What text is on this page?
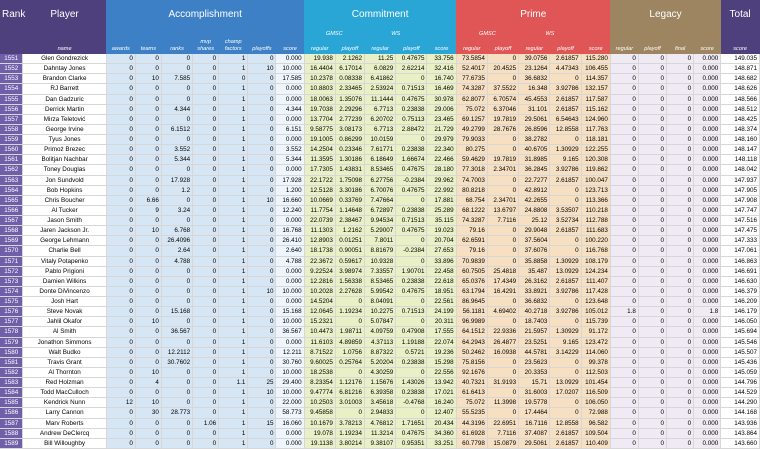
Rank	Player	Accomplishment							Commitment					Prime					Legacy				Total
									GMSC		WS			GMSC		WS							
	name	awards	teams	ranks	mvp shares	champ factors	playoffs	score	regular	playoff	regular	playoff	score	regular	playoff	regular	playoff	score	regular	playoff	final	score	score
1551	Glen Gondrezick	0	0	0	0	1	0	0.000	19.938	2.1262	11.25	0.47675	33.756	73.5854	0	39.0756	2.61857	115.280	0	0	0	0.000	149.035
1552	Dahntay Jones	0	0	0	0	1	10	10.000	16.4404	6.17014	6.0829	2.62214	32.416	52.4017	20.4525	23.1264	4.47343	106.455	0	0	0	0.000	148.871
1553	Brandon Clarke	0	10	7.585	0	0	0	17.585	10.2378	0.08338	6.41862	0	16.740	77.6735	0	36.6832	0	114.357	0	0	0	0.000	148.682
1554	RJ Barrett	0	0	0	0	1	0	0.000	10.8803	2.33465	2.53924	0.71513	16.469	74.3287	37.5522	16.348	3.92786	132.157	0	0	0	0.000	148.626
1555	Dan Gadzuric	0	0	0	0	1	0	0.000	18.0063	1.35076	11.1444	0.47675	30.978	62.8077	6.70574	45.4553	2.61857	117.587	0	0	0	0.000	148.566
1556	Derrick Martin	0	0	4.344	0	1	0	4.344	19.7038	2.29296	6.7713	0.23838	29.006	75.072	6.37046	31.101	2.61857	115.162	0	0	0	0.000	148.512
1557	Mirza Teletović	0	0	0	0	1	0	0.000	13.7704	2.77239	6.20702	0.75113	23.465	69.1257	19.7819	29.5061	6.54643	124.960	0	0	0	0.000	148.425
1558	George Irvine	0	0	6.1512	0	1	0	6.151	9.58775	3.08173	6.7713	2.88472	21.729	49.2799	28.7676	26.8596	12.8558	117.763	0	0	0	0.000	148.374
1559	Tyus Jones	0	0	0	0	1	0	0.000	19.1005	0.86299	10.0159	0	29.979	79.9033	0	38.2782	0	118.181	0	0	0	0.000	148.160
1560	Primoż Brezec	0	0	3.552	0	1	0	3.552	14.2504	0.23346	7.61771	0.23838	22.340	80.275	0	40.6705	1.30929	122.255	0	0	0	0.000	148.147
1561	Bolitjan Nachbar	0	0	5.344	0	1	0	5.344	11.3595	1.30186	6.18649	1.66674	22.466	59.4629	19.7819	31.8985	9.165	120.308	0	0	0	0.000	148.118
1562	Toney Douglas	0	0	0	0	1	0	0.000	17.7305	1.43831	8.53465	0.47675	28.180	77.3018	2.34701	36.2845	3.92786	119.862	0	0	0	0.000	148.042
1563	Jon Sundvold	0	0	17.928	0	1	0	17.928	22.1722	1.75098	6.27756	-0.2384	29.962	74.7003	0	22.7277	2.61857	100.047	0	0	0	0.000	147.937
1564	Bob Hopkins	0	0	1.2	0	1	0	1.200	12.5128	3.30186	6.70076	0.47675	22.992	80.8218	0	42.8912	0	123.713	0	0	0	0.000	147.905
1565	Chris Boucher	0	6.66	0	0	1	10	16.660	10.0669	0.33769	7.47664	0	17.881	68.754	2.34701	42.2655	0	113.366	0	0	0	0.000	147.908
1566	Al Tucker	0	9	3.24	0	1	0	12.240	11.7754	1.14648	6.72897	0.23838	25.289	68.1222	13.6797	24.8808	3.53507	110.218	0	0	0	0.000	147.747
1567	Jason Smith	0	0	0	0	1	0	0.000	22.0739	2.38467	9.94534	0.71513	35.115	74.3287	7.7116	25.12	3.52734	112.788	0	0	0	0.000	147.516
1568	Jaren Jackson Jr.	0	10	6.768	0	1	0	16.768	11.1303	1.2162	5.29007	0.47675	19.023	79.16	0	29.9048	2.61857	111.683	0	0	0	0.000	147.475
1569	George Lehmann	0	0	26.4096	0	1	0	26.410	12.8903	0.01251	7.8011	0	20.704	62.6591	0	37.5604	0	100.220	0	0	0	0.000	147.333
1570	Charlie Bell	0	0	2.64	0	1	0	2.640	18.1738	0.90051	8.81679	-0.2384	27.653	79.16	0	37.6076	0	116.768	0	0	0	0.000	147.061
1571	Vitaly Potapenko	0	0	4.788	0	1	0	4.788	22.3672	0.59617	10.9328	0	33.896	70.9839	0	35.8858	1.30929	108.179	0	0	0	0.000	146.863
1572	Pablo Prigioni	0	0	0	0	1	0	0.000	9.22524	3.98974	7.33557	1.90701	22.458	60.7505	25.4818	35.487	13.0929	124.234	0	0	0	0.000	146.691
1573	Damien Wilkins	0	0	0	0	1	0	0.000	12.2816	1.56338	8.53465	0.23838	22.618	65.0376	17.4349	26.3162	2.61857	111.407	0	0	0	0.000	146.630
1574	Donte DiVincenzo	0	0	0	0	1	10	10.000	10.2028	2.27628	5.99542	0.47675	18.951	63.1794	16.4291	33.8921	3.92786	117.428	0	0	0	0.000	146.379
1575	Josh Hart	0	0	0	0	1	0	0.000	14.5204	0	8.04091	0	22.561	86.9645	0	36.6832	0	123.648	0	0	0	0.000	146.209
1576	Steve Novak	0	0	15.168	0	1	0	15.168	12.0645	1.19234	10.2275	0.71513	24.199	56.1181	4.69402	40.2718	3.92786	105.012	1.8	0	0	1.8	146.179
1577	Jahlil Okafor	0	10	0	0	1	0	10.000	15.2321	0	5.07847	0	20.311	96.9989	0	18.7403	0	115.739	0	0	0	0.000	146.050
1578	Al Smith	0	0	36.567	0	1	0	36.567	10.4473	1.98711	4.09759	0.47908	17.555	64.1512	22.9336	21.5957	1.30929	91.172	0	0	0	0.000	145.694
1579	Jonathon Simmons	0	0	0	0	1	0	0.000	11.6103	4.89859	4.37113	1.19188	22.074	64.2943	26.4877	23.5251	9.165	123.472	0	0	0	0.000	145.546
1580	Walt Budko	0	0	12.2112	0	1	0	12.211	8.71522	1.0756	8.87322	0.5721	19.236	50.2462	16.0938	44.5781	3.14229	114.060	0	0	0	0.000	145.507
1581	Travis Grant	0	0	30.7602	0	1	0	30.760	9.60025	0.25764	5.20204	0.23838	15.298	75.8156	0	23.5623	0	99.378	0	0	0	0.000	145.436
1582	Al Thornton	0	10	0	0	1	0	10.000	18.2538	0	4.30259	0	22.556	92.1676	0	20.3353	0	112.503	0	0	0	0.000	145.059
1583	Red Holzman	0	4	0	0	1.1	25	29.400	8.23354	1.12176	1.15676	1.43026	13.942	40.7321	31.9193	15.71	13.0929	101.454	0	0	0	0.000	144.796
1584	Todd MacCulloch	0	0	0	0	1	10	10.000	9.47774	6.81216	6.39358	0.23838	17.021	61.6413	0	31.6003	17.0207	116.509	0	0	0	0.000	144.529
1585	Kendrick Nunn	12	10	0	0	1	0	22.000	10.2503	3.01003	3.45618	-0.4768	16.240	75.072	11.3998	19.5778	0	106.050	0	0	0	0.000	144.290
1586	Larry Cannon	0	30	28.773	0	1	0	58.773	9.45858	0	2.94833	0	12.407	55.5235	0	17.4464	0	72.988	0	0	0	0.000	144.168
1587	Marv Roberts	0	0	0	1.06	1	15	16.060	10.1679	3.78213	4.76812	1.71651	20.434	44.3196	22.6951	16.7116	12.8558	96.582	0	0	0	0.000	143.936
1588	Andrew DeClercq	0	0	0	0	1	0	0.000	19.078	1.19234	11.3214	0.47675	34.360	61.6928	7.7116	37.4087	2.61857	109.504	0	0	0	0.000	143.864
1589	Bill Willoughby	0	0	0	0	1	0	0.000	19.1138	3.80214	9.38107	0.95351	33.251	60.7798	15.0879	29.5061	2.61857	110.409	0	0	0	0.000	143.660
